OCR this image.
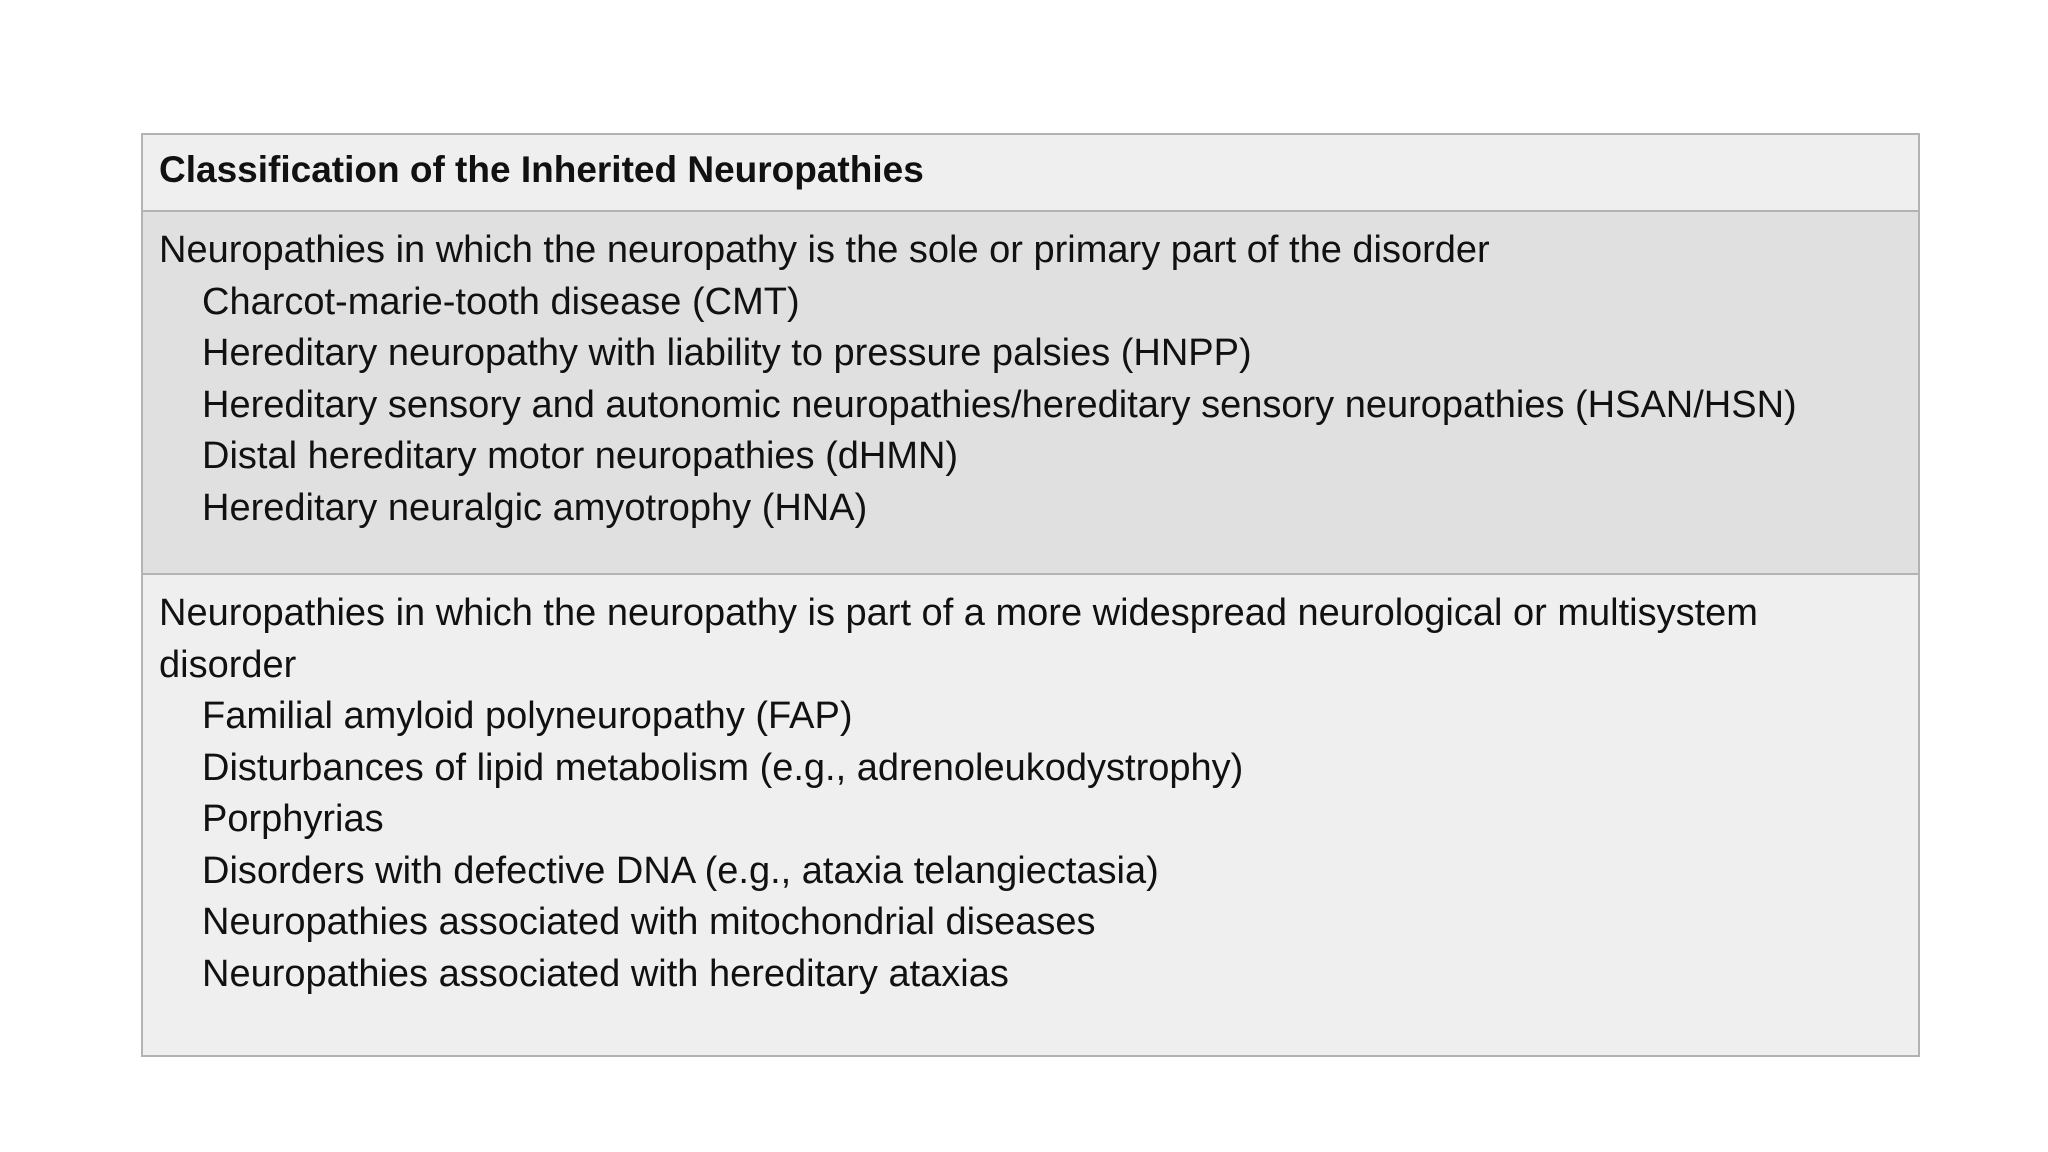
Classification of the Inherited Neuropathies
Neuropathies in which the neuropathy is the sole or primary part of the disorder
Charcot-marie-tooth disease (CMT)
Hereditary neuropathy with liability to pressure palsies (HNPP)
Hereditary sensory and autonomic neuropathies/hereditary sensory neuropathies (HSAN/HSN)
Distal hereditary motor neuropathies (dHMN)
Hereditary neuralgic amyotrophy (HNA)
Neuropathies in which the neuropathy is part of a more widespread neurological or multisystem disorder
Familial amyloid polyneuropathy (FAP)
Disturbances of lipid metabolism (e.g., adrenoleukodystrophy)
Porphyrias
Disorders with defective DNA (e.g., ataxia telangiectasia)
Neuropathies associated with mitochondrial diseases
Neuropathies associated with hereditary ataxias
